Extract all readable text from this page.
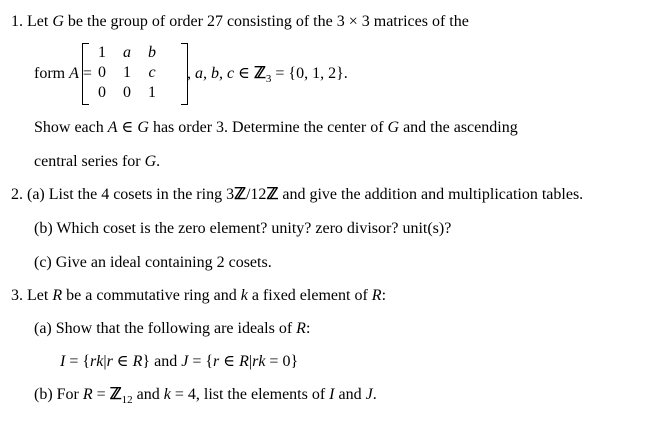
1. Let G be the group of order 27 consisting of the 3 × 3 matrices of the
form A =
1	a	b
0	1	c
0	0	1
, a, b, c ∈ ℤ$_3$ = {0, 1, 2}.
Show each A ∈ G has order 3. Determine the center of G and the ascending
central series for G.
2. (a) List the 4 cosets in the ring 3ℤ/12ℤ and give the addition and multiplication tables.
(b) Which coset is the zero element? unity? zero divisor? unit(s)?
(c) Give an ideal containing 2 cosets.
3. Let R be a commutative ring and k a fixed element of R:
(a) Show that the following are ideals of R:
I = {rk|r ∈ R} and J = {r ∈ R|rk = 0}
(b) For R = ℤ$_{12}$ and k = 4, list the elements of I and J.
